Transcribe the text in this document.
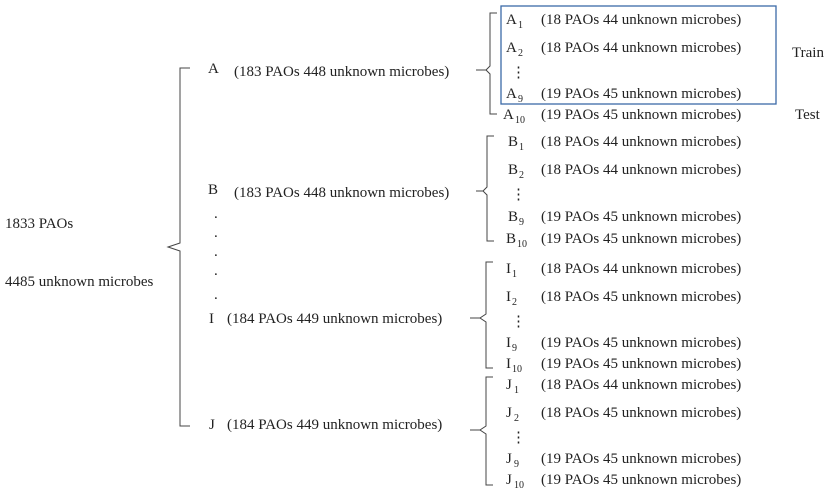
1833 PAOs
4485 unknown microbes
.
.
.
.
.
A (183 PAOs 448 unknown microbes)
A 1 (18 PAOs 44 unknown microbes)
A 2 (18 PAOs 44 unknown microbes)
⋮
A 9 (19 PAOs 45 unknown microbes)
A 10 (19 PAOs 45 unknown microbes)
Train
Test
B (183 PAOs 448 unknown microbes)
B 1 (18 PAOs 44 unknown microbes)
B 2 (18 PAOs 44 unknown microbes)
⋮
B 9 (19 PAOs 45 unknown microbes)
B 10 (19 PAOs 45 unknown microbes)
I (184 PAOs 449 unknown microbes)
I 1 (18 PAOs 44 unknown microbes)
I 2 (18 PAOs 45 unknown microbes)
⋮
I 9 (19 PAOs 45 unknown microbes)
I 10 (19 PAOs 45 unknown microbes)
J (184 PAOs 449 unknown microbes)
J 1 (18 PAOs 44 unknown microbes)
J 2 (18 PAOs 45 unknown microbes)
⋮
J 9 (19 PAOs 45 unknown microbes)
J 10 (19 PAOs 45 unknown microbes)
